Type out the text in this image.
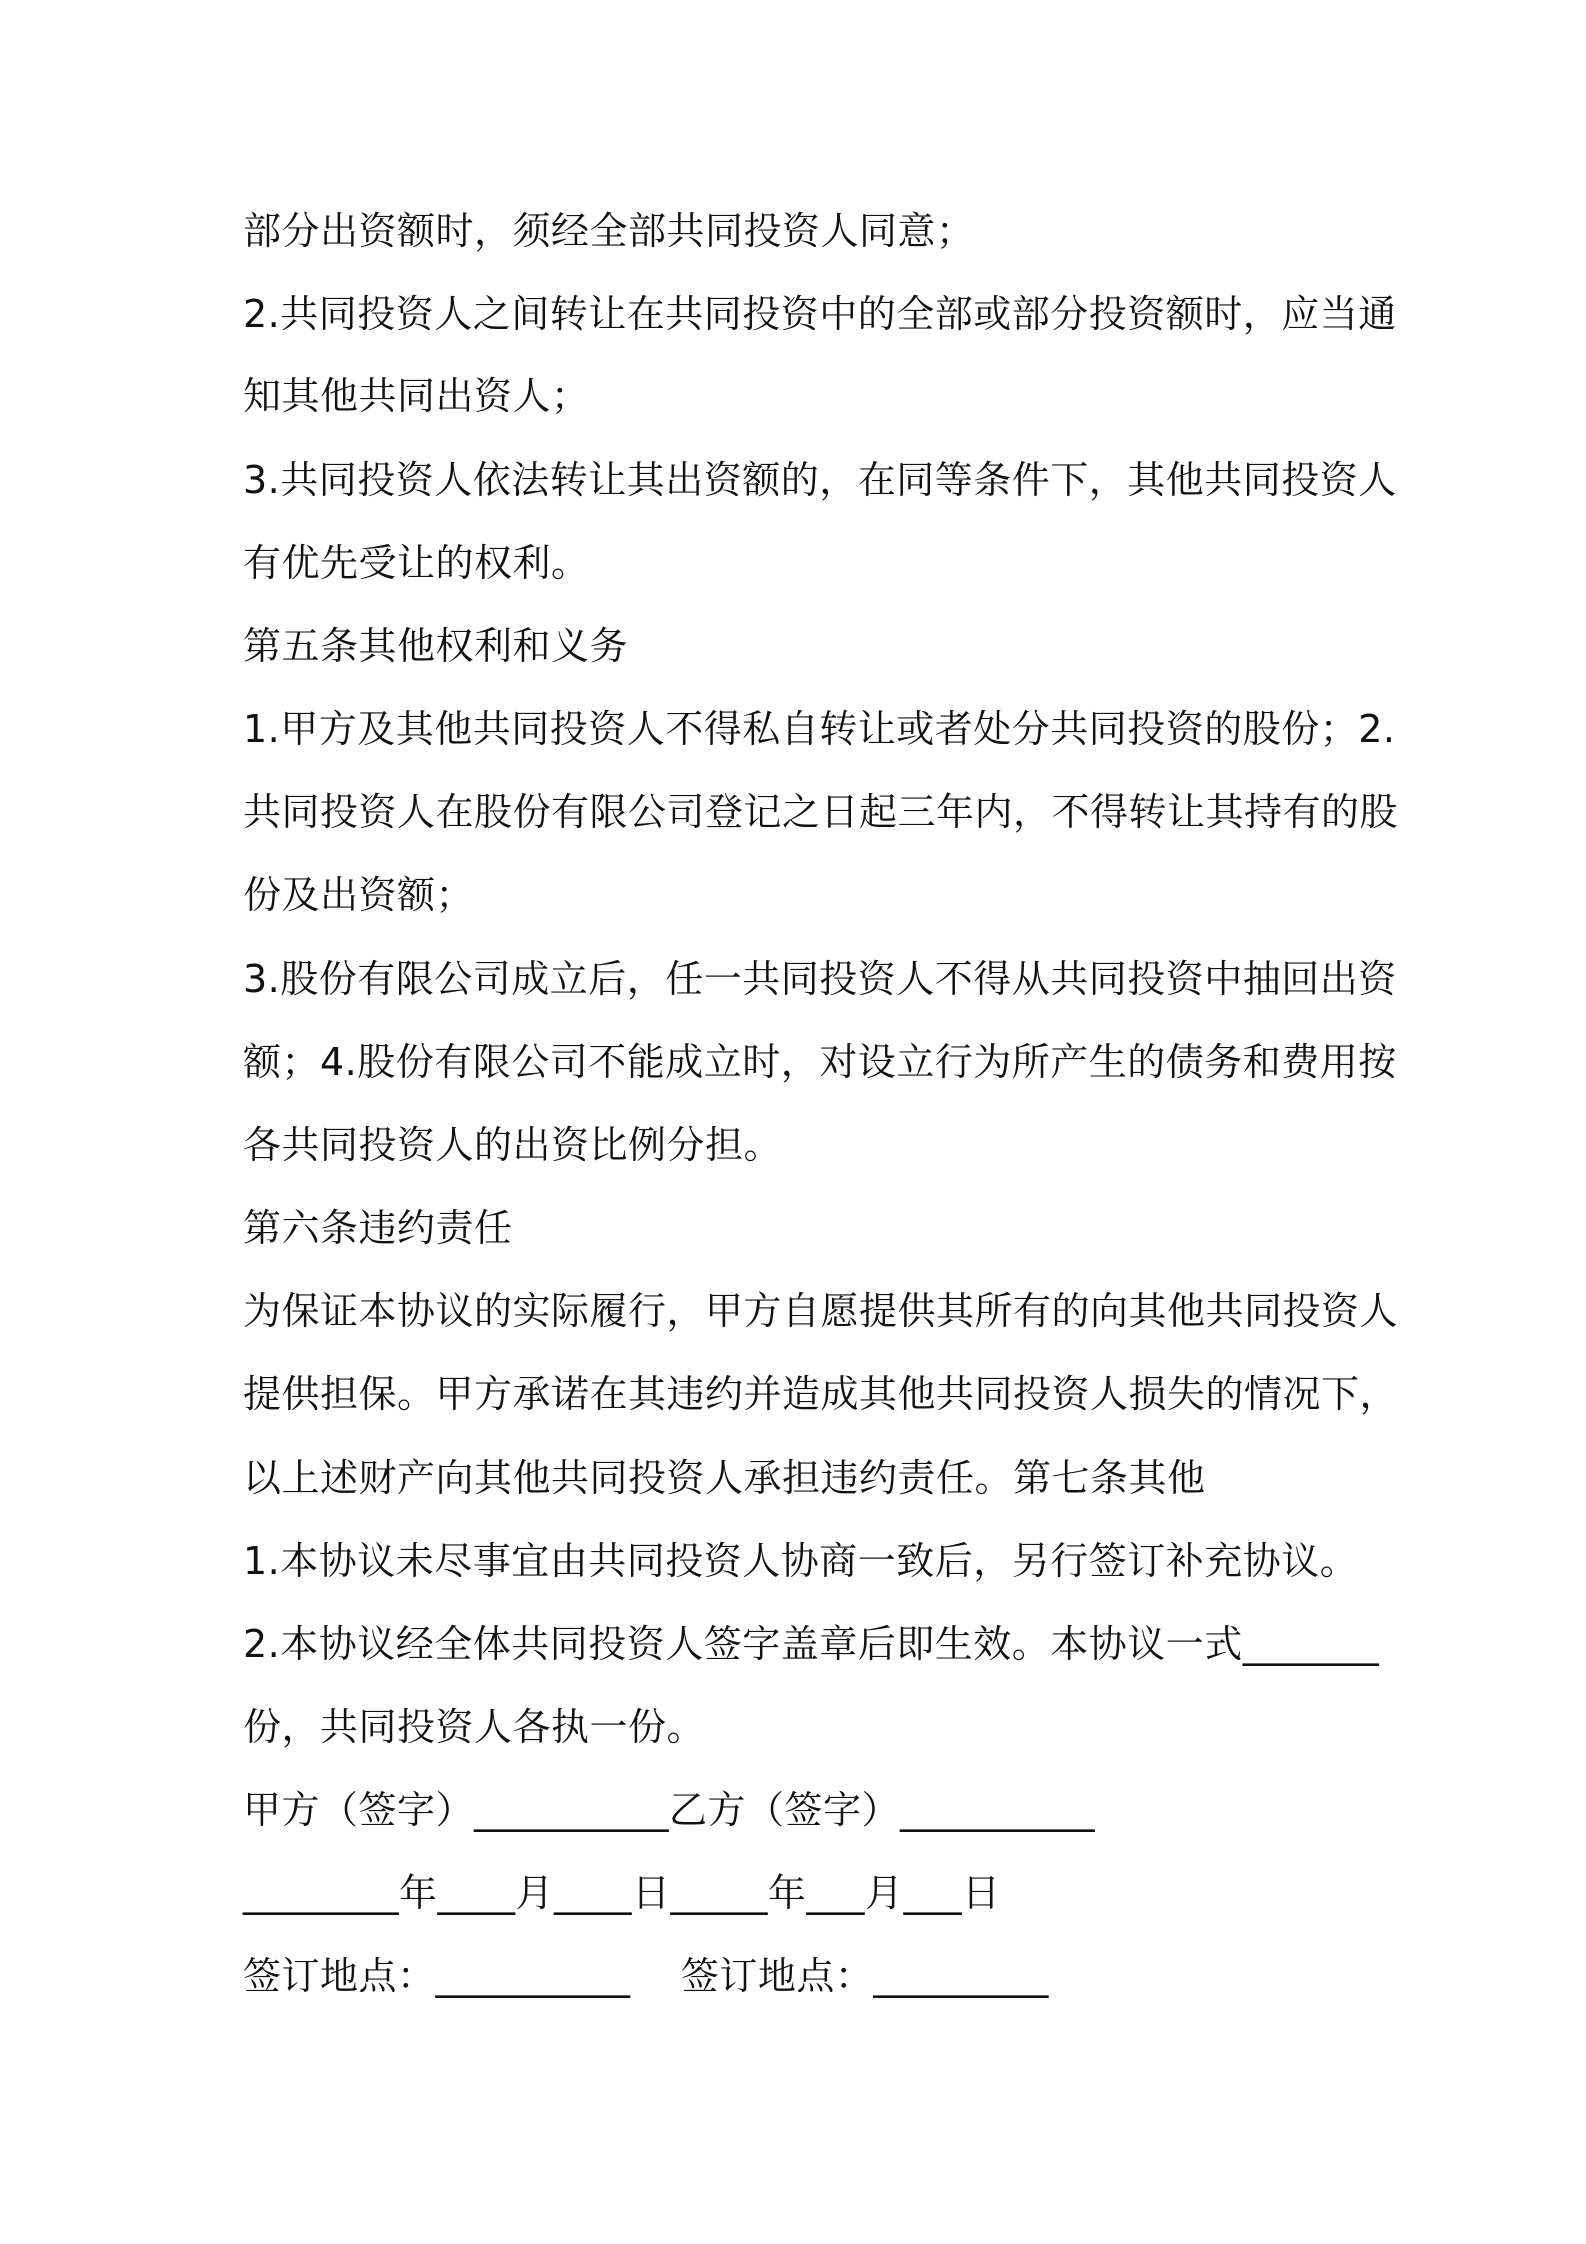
部分出资额时，须经全部共同投资人同意；
2.共同投资人之间转让在共同投资中的全部或部分投资额时，应当通
知其他共同出资人；
3.共同投资人依法转让其出资额的，在同等条件下，其他共同投资人
有优先受让的权利。
第五条其他权利和义务
1.甲方及其他共同投资人不得私自转让或者处分共同投资的股份；2.
共同投资人在股份有限公司登记之日起三年内，不得转让其持有的股
份及出资额；
3.股份有限公司成立后，任一共同投资人不得从共同投资中抽回出资
额；4.股份有限公司不能成立时，对设立行为所产生的债务和费用按
各共同投资人的出资比例分担。
第六条违约责任
为保证本协议的实际履行，甲方自愿提供其所有的向其他共同投资人
提供担保。甲方承诺在其违约并造成其他共同投资人损失的情况下，
以上述财产向其他共同投资人承担违约责任。第七条其他
1.本协议未尽事宜由共同投资人协商一致后，另行签订补充协议。
2.本协议经全体共同投资人签字盖章后即生效。本协议一式_______
份，共同投资人各执一份。
甲方（签字）__________乙方（签字）__________
________年____月____日_____年___月___日
签订地点：__________    签订地点：_________
